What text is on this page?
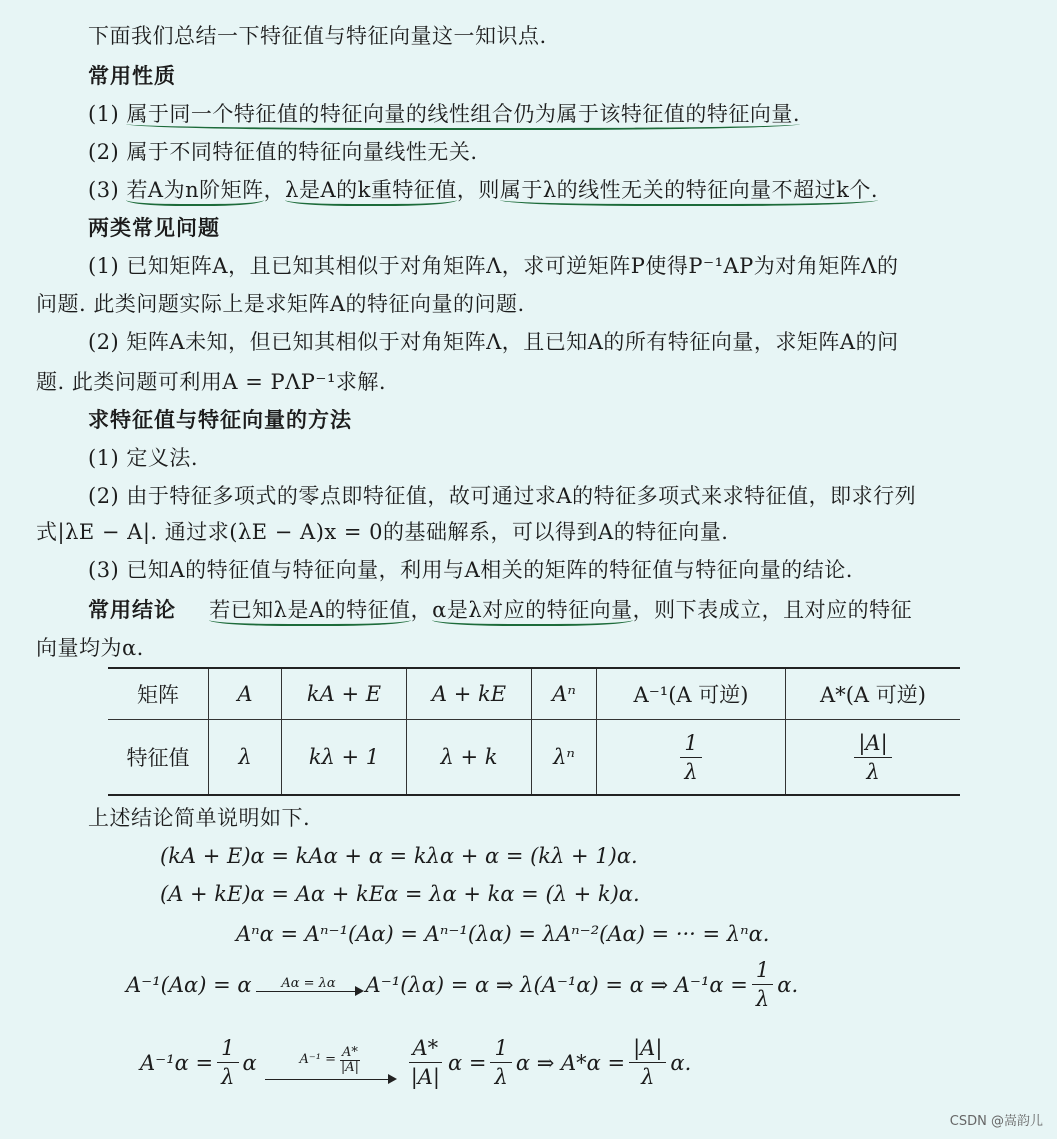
下面我们总结一下特征值与特征向量这一知识点.
常用性质
(1) 属于同一个特征值的特征向量的线性组合仍为属于该特征值的特征向量.
(2) 属于不同特征值的特征向量线性无关.
(3) 若A为n阶矩阵，λ是A的k重特征值，则属于λ的线性无关的特征向量不超过k个.
两类常见问题
(1) 已知矩阵A，且已知其相似于对角矩阵Λ，求可逆矩阵P使得P⁻¹AP为对角矩阵Λ的
问题. 此类问题实际上是求矩阵A的特征向量的问题.
(2) 矩阵A未知，但已知其相似于对角矩阵Λ，且已知A的所有特征向量，求矩阵A的问
题. 此类问题可利用A = PΛP⁻¹求解.
求特征值与特征向量的方法
(1) 定义法.
(2) 由于特征多项式的零点即特征值，故可通过求A的特征多项式来求特征值，即求行列
式|λE − A|. 通过求(λE − A)x = 0的基础解系，可以得到A的特征向量.
(3) 已知A的特征值与特征向量，利用与A相关的矩阵的特征值与特征向量的结论.
常用结论 若已知λ是A的特征值，α是λ对应的特征向量，则下表成立，且对应的特征
向量均为α.
矩阵	A	kA + E	A + kE	Aⁿ	A⁻¹(A 可逆)	A*(A 可逆)
特征值	λ	kλ + 1	λ + k	λⁿ	$\frac{1}{\lambda}$	$\frac{|A|}{\lambda}$
上述结论简单说明如下.
(kA + E)α = kAα + α = kλα + α = (kλ + 1)α.
(A + kE)α = Aα + kEα = λα + kα = (λ + k)α.
Aⁿα = Aⁿ⁻¹(Aα) = Aⁿ⁻¹(λα) = λAⁿ⁻²(Aα) = ··· = λⁿα.
A⁻¹(Aα) = α Aα = λα A⁻¹(λα) = α ⇒ λ(A⁻¹α) = α ⇒ $A^{-1}\alpha = \frac{1}{\lambda} \alpha$.
$A^{-1}\alpha = \frac{1}{\lambda}$ α	$A^{-1} = \frac{A*}{|A|} \frac{A*}{|A|}$ $\alpha = \frac{1}{\lambda}$ α ⇒ $A*\alpha = \frac{|A|}{\lambda} \alpha$.
CSDN @嵩韵儿
